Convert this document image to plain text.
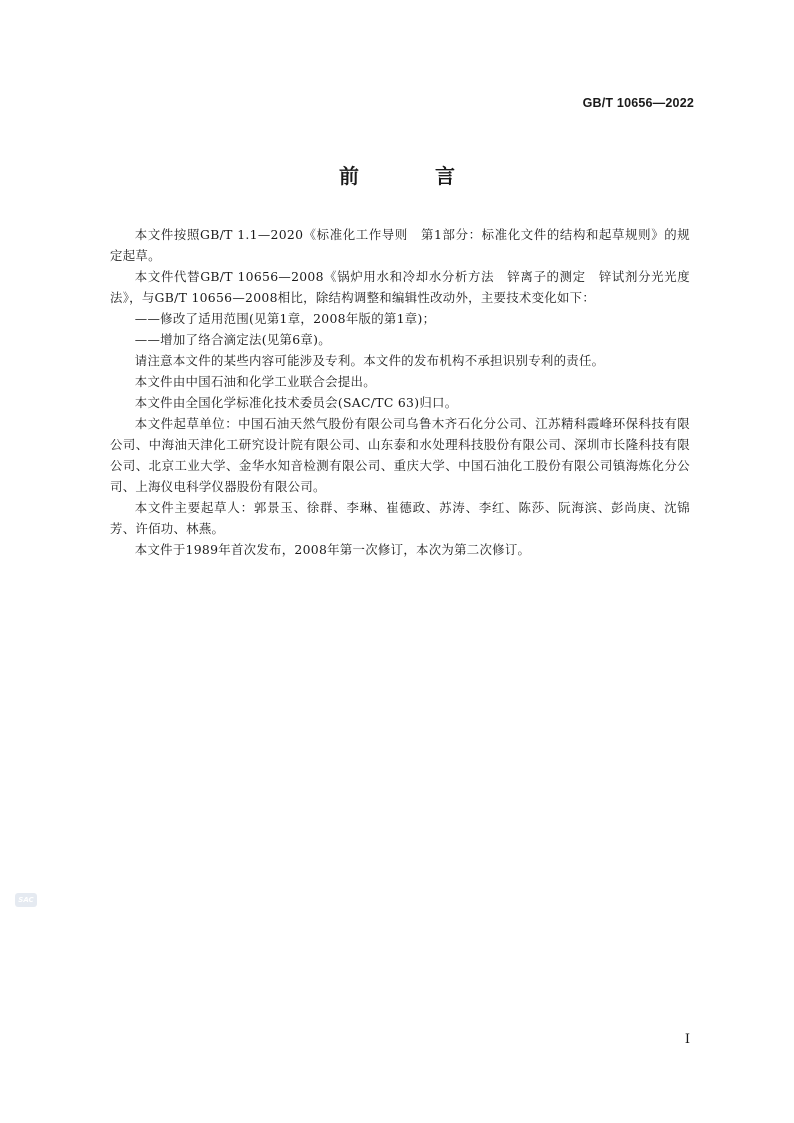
GB/T 10656—2022
前　言

本文件按照GB/T 1.1—2020《标准化工作导则　第1部分：标准化文件的结构和起草规则》的规定起草。

本文件代替GB/T 10656—2008《锅炉用水和冷却水分析方法　锌离子的测定　锌试剂分光光度法》，与GB/T 10656—2008相比，除结构调整和编辑性改动外，主要技术变化如下：

——修改了适用范围(见第1章，2008年版的第1章)；

——增加了络合滴定法(见第6章)。

请注意本文件的某些内容可能涉及专利。本文件的发布机构不承担识别专利的责任。

本文件由中国石油和化学工业联合会提出。

本文件由全国化学标准化技术委员会(SAC/TC 63)归口。

本文件起草单位：中国石油天然气股份有限公司乌鲁木齐石化分公司、江苏精科霞峰环保科技有限公司、中海油天津化工研究设计院有限公司、山东泰和水处理科技股份有限公司、深圳市长隆科技有限公司、北京工业大学、金华水知音检测有限公司、重庆大学、中国石油化工股份有限公司镇海炼化分公司、上海仪电科学仪器股份有限公司。

本文件主要起草人：郭景玉、徐群、李琳、崔德政、苏涛、李红、陈莎、阮海滨、彭尚庚、沈锦芳、许佰功、林燕。

本文件于1989年首次发布，2008年第一次修订，本次为第二次修订。

SAC
I
